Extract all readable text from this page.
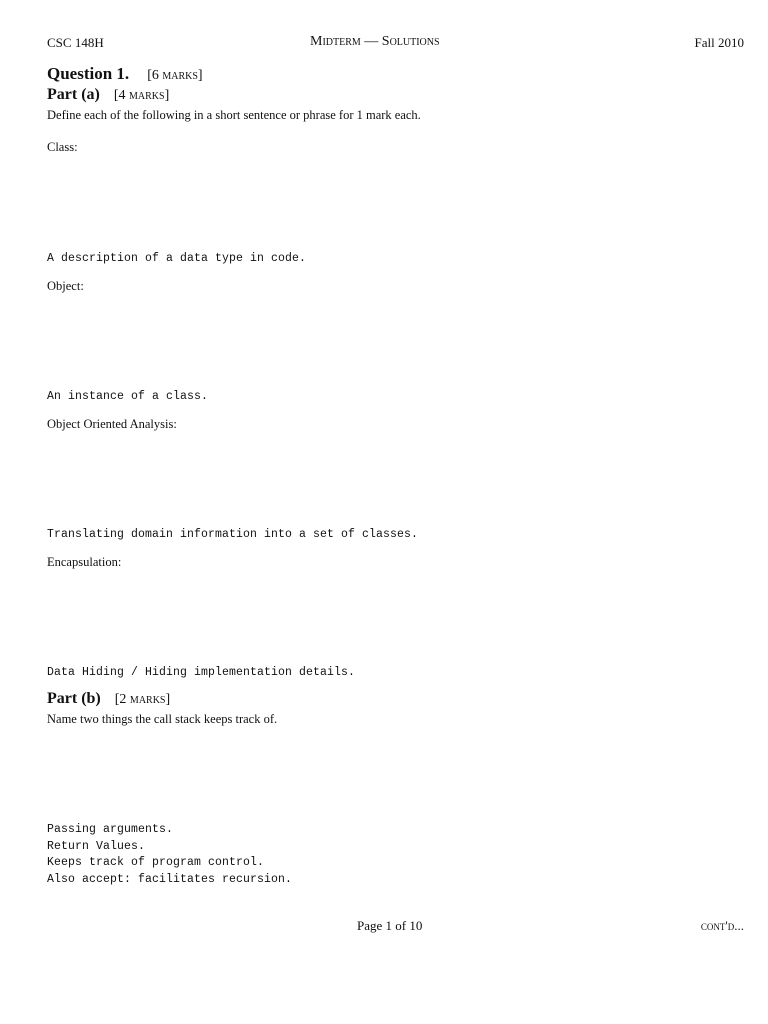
CSC 148H	Midterm — Solutions	Fall 2010
Question 1. [6 marks]
Part (a) [4 marks]
Define each of the following in a short sentence or phrase for 1 mark each.
Class:
A description of a data type in code.
Object:
An instance of a class.
Object Oriented Analysis:
Translating domain information into a set of classes.
Encapsulation:
Data Hiding / Hiding implementation details.
Part (b) [2 marks]
Name two things the call stack keeps track of.
Passing arguments.
Return Values.
Keeps track of program control.
Also accept: facilitates recursion.
Page 1 of 10	cont'd...
